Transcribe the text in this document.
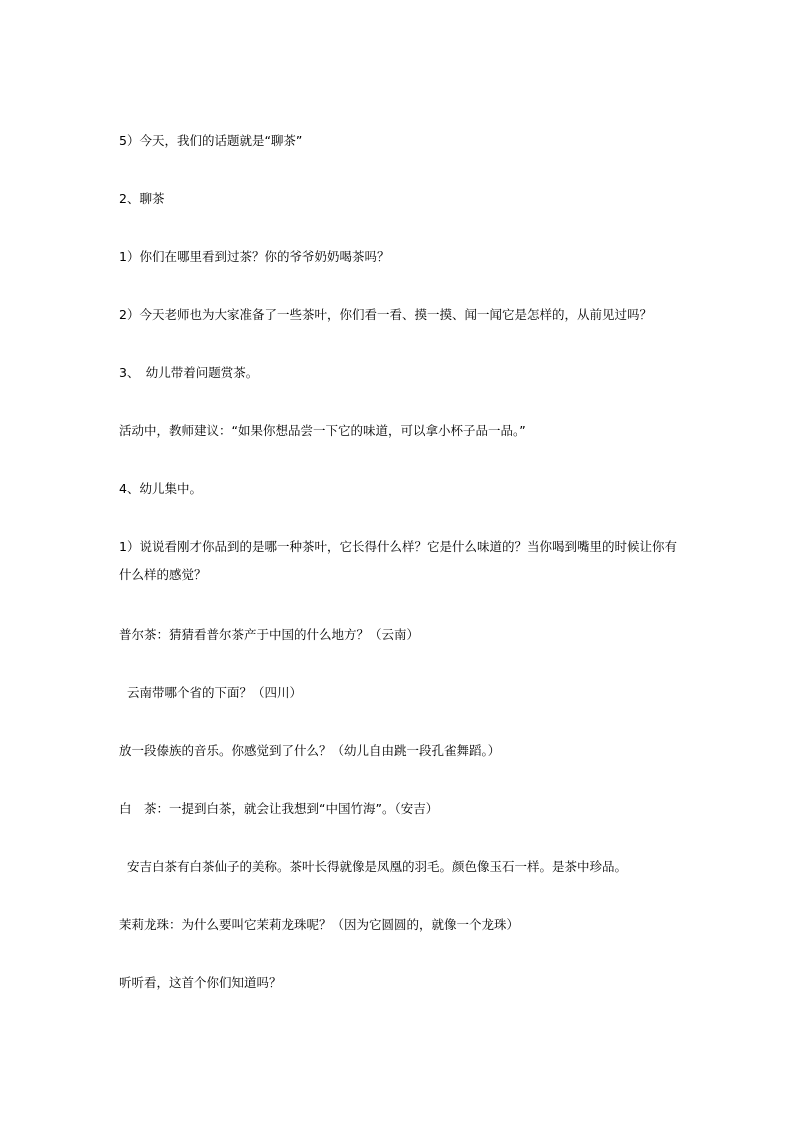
5）今天，我们的话题就是“聊茶”
2、聊茶
1）你们在哪里看到过茶？你的爷爷奶奶喝茶吗？
2）今天老师也为大家准备了一些茶叶，你们看一看、摸一摸、闻一闻它是怎样的，从前见过吗？
3、　幼儿带着问题赏茶。
活动中，教师建议：“如果你想品尝一下它的味道，可以拿小杯子品一品。”
4、幼儿集中。
1）说说看刚才你品到的是哪一种茶叶，它长得什么样？它是什么味道的？当你喝到嘴里的时候让你有什么样的感觉？
普尔茶：猜猜看普尔茶产于中国的什么地方？（云南）
云南带哪个省的下面？（四川）
放一段傣族的音乐。你感觉到了什么？（幼儿自由跳一段孔雀舞蹈。）
白　茶：一提到白茶，就会让我想到“中国竹海”。（安吉）
安吉白茶有白茶仙子的美称。茶叶长得就像是凤凰的羽毛。颜色像玉石一样。是茶中珍品。
茉莉龙珠：为什么要叫它茉莉龙珠呢？（因为它圆圆的，就像一个龙珠）
听听看，这首个你们知道吗？
